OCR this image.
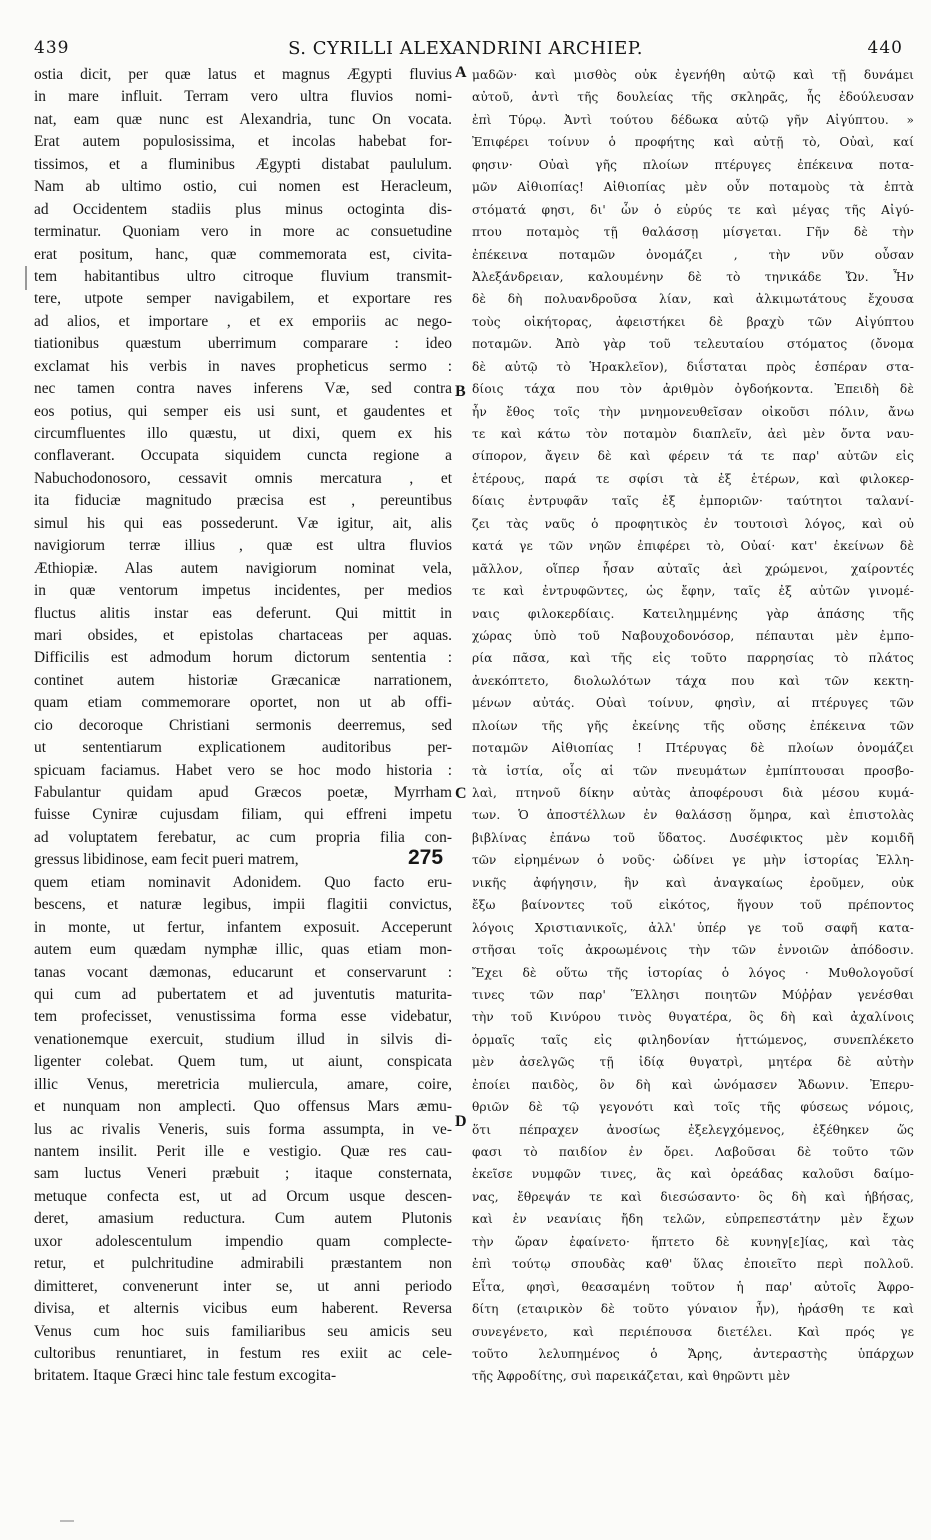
439	S. CYRILLI ALEXANDRINI ARCHIEP.	440
ostia dicit, per quæ latus et magnus Ægypti fluvius
in mare influit. Terram vero ultra fluvios nomi-
nat, eam quæ nunc est Alexandria, tunc On vocata.
Erat autem populosissima, et incolas habebat for-
tissimos, et a fluminibus Ægypti distabat paululum.
Nam ab ultimo ostio, cui nomen est Heracleum,
ad Occidentem stadiis plus minus octoginta dis-
terminatur. Quoniam vero in more ac consuetudine
erat positum, hanc, quæ commemorata est, civita-
tem habitantibus ultro citroque fluvium transmit-
tere, utpote semper navigabilem, et exportare res
ad alios, et importare , et ex emporiis ac nego-
tiationibus quæstum uberrimum comparare : ideo
exclamat his verbis in naves propheticus sermo :
nec tamen contra naves inferens Væ, sed contra
eos potius, qui semper eis usi sunt, et gaudentes et
circumfluentes illo quæstu, ut dixi, quem ex his
conflaverant. Occupata siquidem cuncta regione a
Nabuchodonosoro, cessavit omnis mercatura , et
ita fiduciæ magnitudo præcisa est , pereuntibus
simul his qui eas possederunt. Væ igitur, ait, alis
navigiorum terræ illius , quæ est ultra fluvios
Æthiopiæ. Alas autem navigiorum nominat vela,
in quæ ventorum impetus incidentes, per medios
fluctus alitis instar eas deferunt. Qui mittit in
mari obsides, et epistolas chartaceas per aquas.
Difficilis est admodum horum dictorum sententia :
continet autem historiæ Græcanicæ narrationem,
quam etiam commemorare oportet, non ut ab offi-
cio decoroque Christiani sermonis deerremus, sed
ut sententiarum explicationem auditoribus per-
spicuam faciamus. Habet vero se hoc modo historia :
Fabulantur quidam apud Græcos poetæ, Myrrham
fuisse Cyniræ cujusdam filiam, qui effreni impetu
ad voluptatem ferebatur, ac cum propria filia con-
gressus libidinose, eam fecit pueri matrem,
quem etiam nominavit Adonidem. Quo facto eru-
bescens, et naturæ legibus, impii flagitii convictus,
in monte, ut fertur, infantem exposuit. Acceperunt
autem eum quædam nymphæ illic, quas etiam mon-
tanas vocant dæmonas, educarunt et conservarunt :
qui cum ad pubertatem et ad juventutis maturita-
tem profecisset, venustissima forma esse videbatur,
venationemque exercuit, studium illud in silvis di-
ligenter colebat. Quem tum, ut aiunt, conspicata
illic Venus, meretricia muliercula, amare, coire,
et nunquam non amplecti. Quo offensus Mars æmu-
lus ac rivalis Veneris, suis forma assumpta, in ve-
nantem insilit. Perit ille e vestigio. Quæ res cau-
sam luctus Veneri præbuit ; itaque consternata,
metuque confecta est, ut ad Orcum usque descen-
deret, amasium reductura. Cum autem Plutonis
uxor adolescentulum impendio quam complecte-
retur, et pulchritudine admirabili præstantem non
dimitteret, convenerunt inter se, ut anni periodo
divisa, et alternis vicibus eum haberent. Reversa
Venus cum hoc suis familiaribus seu amicis seu
cultoribus renuntiaret, in festum res exiit ac cele-
britatem. Itaque Græci hinc tale festum excogita-
μαδῶν· καὶ μισθὸς οὐκ ἐγενήθη αὐτῷ καὶ τῇ δυνάμει
αὐτοῦ, ἀντὶ τῆς δουλείας τῆς σκληρᾶς, ἧς ἐδούλευσαν
ἐπὶ Τύρῳ. Ἀντὶ τούτου δέδωκα αὐτῷ γῆν Αἰγύπτου. »
Ἐπιφέρει τοίνυν ὁ προφήτης καὶ αὐτῇ τὸ, Οὐαὶ, καί
φησιν· Οὐαὶ γῆς πλοίων πτέρυγες ἐπέκεινα ποτα-
μῶν Αἰθιοπίας! Αἰθιοπίας μὲν οὖν ποταμοὺς τὰ ἑπτὰ
στόματά φησι, δι' ὧν ὁ εὐρύς τε καὶ μέγας τῆς Αἰγύ-
πτου ποταμὸς τῇ θαλάσσῃ μίσγεται. Γῆν δὲ τὴν
ἐπέκεινα ποταμῶν ὀνομάζει , τὴν νῦν οὖσαν
Ἀλεξάνδρειαν, καλουμένην δὲ τὸ τηνικάδε Ὤν. Ἦν
δὲ δὴ πολυανδροῦσα λίαν, καὶ ἀλκιμωτάτους ἔχουσα
τοὺς οἰκήτορας, ἀφειστήκει δὲ βραχὺ τῶν Αἰγύπτου
ποταμῶν. Ἀπὸ γὰρ τοῦ τελευταίου στόματος (ὄνομα
δὲ αὐτῷ τὸ Ἡρακλεῖον), διΐσταται πρὸς ἑσπέραν στα-
δίοις τάχα που τὸν ἀριθμὸν ὀγδοήκοντα. Ἐπειδὴ δὲ
ἦν ἔθος τοῖς τὴν μνημονευθεῖσαν οἰκοῦσι πόλιν, ἄνω
τε καὶ κάτω τὸν ποταμὸν διαπλεῖν, ἀεὶ μὲν ὄντα ναυ-
σίπορον, ἄγειν δὲ καὶ φέρειν τά τε παρ' αὐτῶν εἰς
ἑτέρους, παρά τε σφίσι τὰ ἐξ ἑτέρων, καὶ φιλοκερ-
δίαις ἐντρυφᾶν ταῖς ἐξ ἐμποριῶν· ταύτητοι ταλανί-
ζει τὰς ναῦς ὁ προφητικὸς ἐν τουτοισὶ λόγος, καὶ οὐ
κατά γε τῶν νηῶν ἐπιφέρει τὸ, Οὐαί· κατ' ἐκείνων δὲ
μᾶλλον, οἵπερ ἦσαν αὐταῖς ἀεὶ χρώμενοι, χαίροντές
τε καὶ ἐντρυφῶντες, ὡς ἔφην, ταῖς ἐξ αὐτῶν γινομέ-
ναις φιλοκερδίαις. Κατειλημμένης γὰρ ἁπάσης τῆς
χώρας ὑπὸ τοῦ Ναβουχοδονόσορ, πέπαυται μὲν ἐμπο-
ρία πᾶσα, καὶ τῆς εἰς τοῦτο παρρησίας τὸ πλάτος
ἀνεκόπτετο, διολωλότων τάχα που καὶ τῶν κεκτη-
μένων αὐτάς. Οὐαὶ τοίνυν, φησὶν, αἱ πτέρυγες τῶν
πλοίων τῆς γῆς ἐκείνης τῆς οὔσης ἐπέκεινα τῶν
ποταμῶν Αἰθιοπίας ! Πτέρυγας δὲ πλοίων ὀνομάζει
τὰ ἱστία, οἷς αἱ τῶν πνευμάτων ἐμπίπτουσαι προσβο-
λαὶ, πτηνοῦ δίκην αὐτὰς ἀποφέρουσι διὰ μέσου κυμά-
των. Ὁ ἀποστέλλων ἐν θαλάσσῃ ὅμηρα, καὶ ἐπιστολὰς
βιβλίνας ἐπάνω τοῦ ὕδατος. Δυσέφικτος μὲν κομιδῆ
τῶν εἰρημένων ὁ νοῦς· ὠδίνει γε μὴν ἱστορίας Ἑλλη-
νικῆς ἀφήγησιν, ἣν καὶ ἀναγκαίως ἐροῦμεν, οὐκ
ἔξω βαίνοντες τοῦ εἰκότος, ἥγουν τοῦ πρέποντος
λόγοις Χριστιανικοῖς, ἀλλ' ὑπέρ γε τοῦ σαφῆ κατα-
στῆσαι τοῖς ἀκροωμένοις τὴν τῶν ἐννοιῶν ἀπόδοσιν.
Ἔχει δὲ οὕτω τῆς ἱστορίας ὁ λόγος · Μυθολογοῦσί
τινες τῶν παρ' Ἕλλησι ποιητῶν Μύῤῥαν γενέσθαι
τὴν τοῦ Κινύρου τινὸς θυγατέρα, ὃς δὴ καὶ ἀχαλίνοις
ὁρμαῖς ταῖς εἰς φιληδονίαν ἡττώμενος, συνεπλέκετο
μὲν ἀσελγῶς τῇ ἰδίᾳ θυγατρὶ, μητέρα δὲ αὐτὴν
ἐποίει παιδὸς, ὃν δὴ καὶ ὠνόμασεν Ἄδωνιν. Ἐπερυ-
θριῶν δὲ τῷ γεγονότι καὶ τοῖς τῆς φύσεως νόμοις,
ὅτι πέπραχεν ἀνοσίως ἐξελεγχόμενος, ἐξέθηκεν ὥς
φασι τὸ παιδίον ἐν ὄρει. Λαβοῦσαι δὲ τοῦτο τῶν
ἐκεῖσε νυμφῶν τινες, ἃς καὶ ὀρεάδας καλοῦσι δαίμο-
νας, ἔθρεψάν τε καὶ διεσώσαντο· ὃς δὴ καὶ ἡβήσας,
καὶ ἐν νεανίαις ἤδη τελῶν, εὐπρεπεστάτην μὲν ἔχων
τὴν ὥραν ἐφαίνετο· ἥπτετο δὲ κυνηγ[ε]ίας, καὶ τὰς
ἐπὶ τούτῳ σπουδὰς καθ' ὕλας ἐποιεῖτο περὶ πολλοῦ.
Εἶτα, φησὶ, θεασαμένη τοῦτον ἡ παρ' αὐτοῖς Ἀφρο-
δίτη (εταιρικὸν δὲ τοῦτο γύναιον ἦν), ἠράσθη τε καὶ
συνεγένετο, καὶ περιέπουσα διετέλει. Καὶ πρός γε
τοῦτο λελυπημένος ὁ Ἄρης, ἀντεραστὴς ὑπάρχων
τῆς Ἀφροδίτης, συὶ παρεικάζεται, καὶ θηρῶντι μὲν
A
B
C
D
275
